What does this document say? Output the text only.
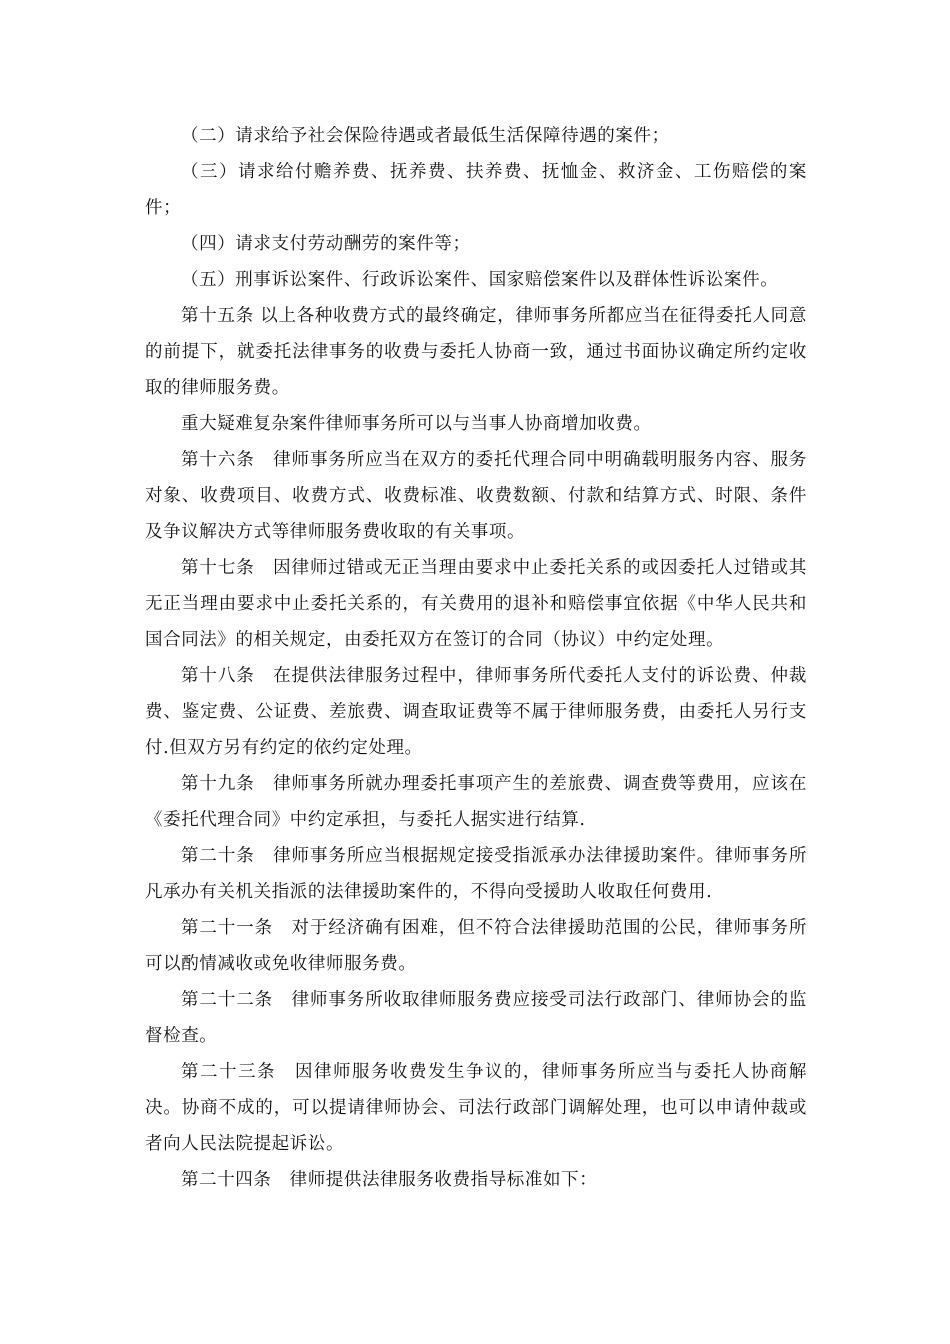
（二）请求给予社会保险待遇或者最低生活保障待遇的案件；

（三）请求给付赡养费、抚养费、扶养费、抚恤金、救济金、工伤赔偿的案件；

（四）请求支付劳动酬劳的案件等；

（五）刑事诉讼案件、行政诉讼案件、国家赔偿案件以及群体性诉讼案件。

第十五条 以上各种收费方式的最终确定，律师事务所都应当在征得委托人同意的前提下，就委托法律事务的收费与委托人协商一致，通过书面协议确定所约定收取的律师服务费。

重大疑难复杂案件律师事务所可以与当事人协商增加收费。

第十六条　律师事务所应当在双方的委托代理合同中明确载明服务内容、服务对象、收费项目、收费方式、收费标准、收费数额、付款和结算方式、时限、条件及争议解决方式等律师服务费收取的有关事项。

第十七条　因律师过错或无正当理由要求中止委托关系的或因委托人过错或其无正当理由要求中止委托关系的，有关费用的退补和赔偿事宜依据《中华人民共和国合同法》的相关规定，由委托双方在签订的合同（协议）中约定处理。

第十八条　在提供法律服务过程中，律师事务所代委托人支付的诉讼费、仲裁费、鉴定费、公证费、差旅费、调查取证费等不属于律师服务费，由委托人另行支付.但双方另有约定的依约定处理。

第十九条　律师事务所就办理委托事项产生的差旅费、调查费等费用，应该在《委托代理合同》中约定承担，与委托人据实进行结算.

第二十条　律师事务所应当根据规定接受指派承办法律援助案件。律师事务所凡承办有关机关指派的法律援助案件的，不得向受援助人收取任何费用.

第二十一条　对于经济确有困难，但不符合法律援助范围的公民，律师事务所可以酌情减收或免收律师服务费。

第二十二条　律师事务所收取律师服务费应接受司法行政部门、律师协会的监督检查。

第二十三条　因律师服务收费发生争议的，律师事务所应当与委托人协商解决。协商不成的，可以提请律师协会、司法行政部门调解处理，也可以申请仲裁或者向人民法院提起诉讼。

第二十四条　律师提供法律服务收费指导标准如下：
